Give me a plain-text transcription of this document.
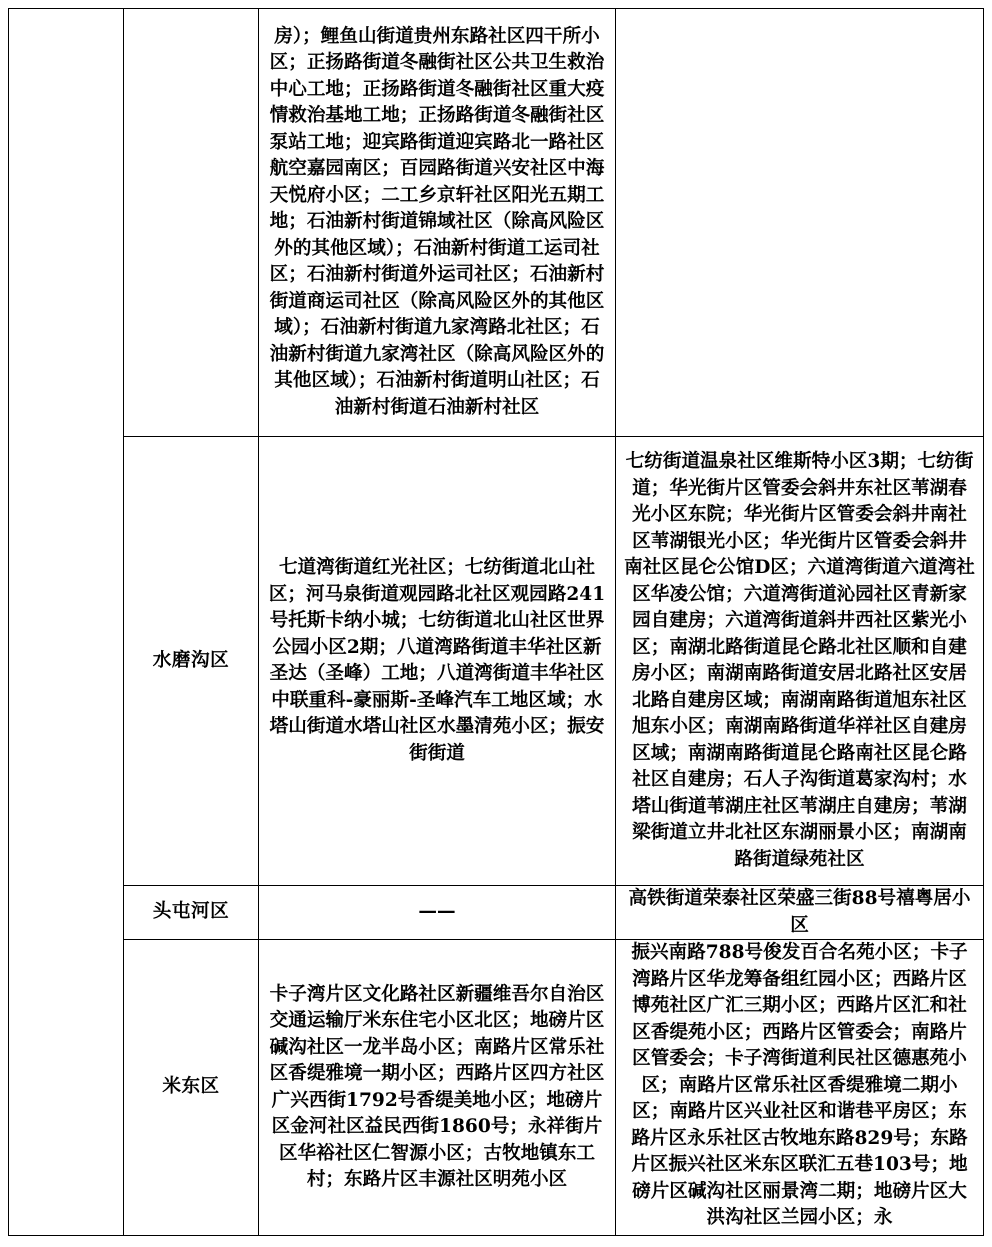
		房）；鲤鱼山街道贵州东路社区四干所小区；正扬路街道冬融街社区公共卫生救治中心工地；正扬路街道冬融街社区重大疫情救治基地工地；正扬路街道冬融街社区泵站工地；迎宾路街道迎宾路北一路社区航空嘉园南区；百园路街道兴安社区中海天悦府小区；二工乡京轩社区阳光五期工地；石油新村街道锦域社区（除高风险区外的其他区域）；石油新村街道工运司社区；石油新村街道外运司社区；石油新村街道商运司社区（除高风险区外的其他区域）；石油新村街道九家湾路北社区；石油新村街道九家湾社区（除高风险区外的其他区域）；石油新村街道明山社区；石油新村街道石油新村社区	
	水磨沟区	七道湾街道红光社区；七纺街道北山社区；河马泉街道观园路北社区观园路241号托斯卡纳小城；七纺街道北山社区世界公园小区2期；八道湾路街道丰华社区新圣达（圣峰）工地；八道湾街道丰华社区中联重科-豪丽斯-圣峰汽车工地区域；水塔山街道水塔山社区水墨清苑小区；振安街街道	七纺街道温泉社区维斯特小区3期；七纺街道；华光街片区管委会斜井东社区苇湖春光小区东院；华光街片区管委会斜井南社区苇湖银光小区；华光街片区管委会斜井南社区昆仑公馆D区；六道湾街道六道湾社区华凌公馆；六道湾街道沁园社区青新家园自建房；六道湾街道斜井西社区紫光小区；南湖北路街道昆仑路北社区顺和自建房小区；南湖南路街道安居北路社区安居北路自建房区域；南湖南路街道旭东社区旭东小区；南湖南路街道华祥社区自建房区域；南湖南路街道昆仑路南社区昆仑路社区自建房；石人子沟街道葛家沟村；水塔山街道苇湖庄社区苇湖庄自建房；苇湖梁街道立井北社区东湖丽景小区；南湖南路街道绿苑社区
	头屯河区	——	高铁街道荣泰社区荣盛三街88号禧粤居小区
	米东区	卡子湾片区文化路社区新疆维吾尔自治区交通运输厅米东住宅小区北区；地磅片区碱沟社区一龙半岛小区；南路片区常乐社区香缇雅境一期小区；西路片区四方社区广兴西街1792号香缇美地小区；地磅片区金河社区益民西街1860号；永祥街片区华裕社区仁智源小区；古牧地镇东工村；东路片区丰源社区明苑小区	振兴南路788号俊发百合名苑小区；卡子湾路片区华龙筹备组红园小区；西路片区博苑社区广汇三期小区；西路片区汇和社区香缇苑小区；西路片区管委会；南路片区管委会；卡子湾街道利民社区德惠苑小区；南路片区常乐社区香缇雅境二期小区；南路片区兴业社区和谐巷平房区；东路片区永乐社区古牧地东路829号；东路片区振兴社区米东区联汇五巷103号；地磅片区碱沟社区丽景湾二期；地磅片区大洪沟社区兰园小区；永
